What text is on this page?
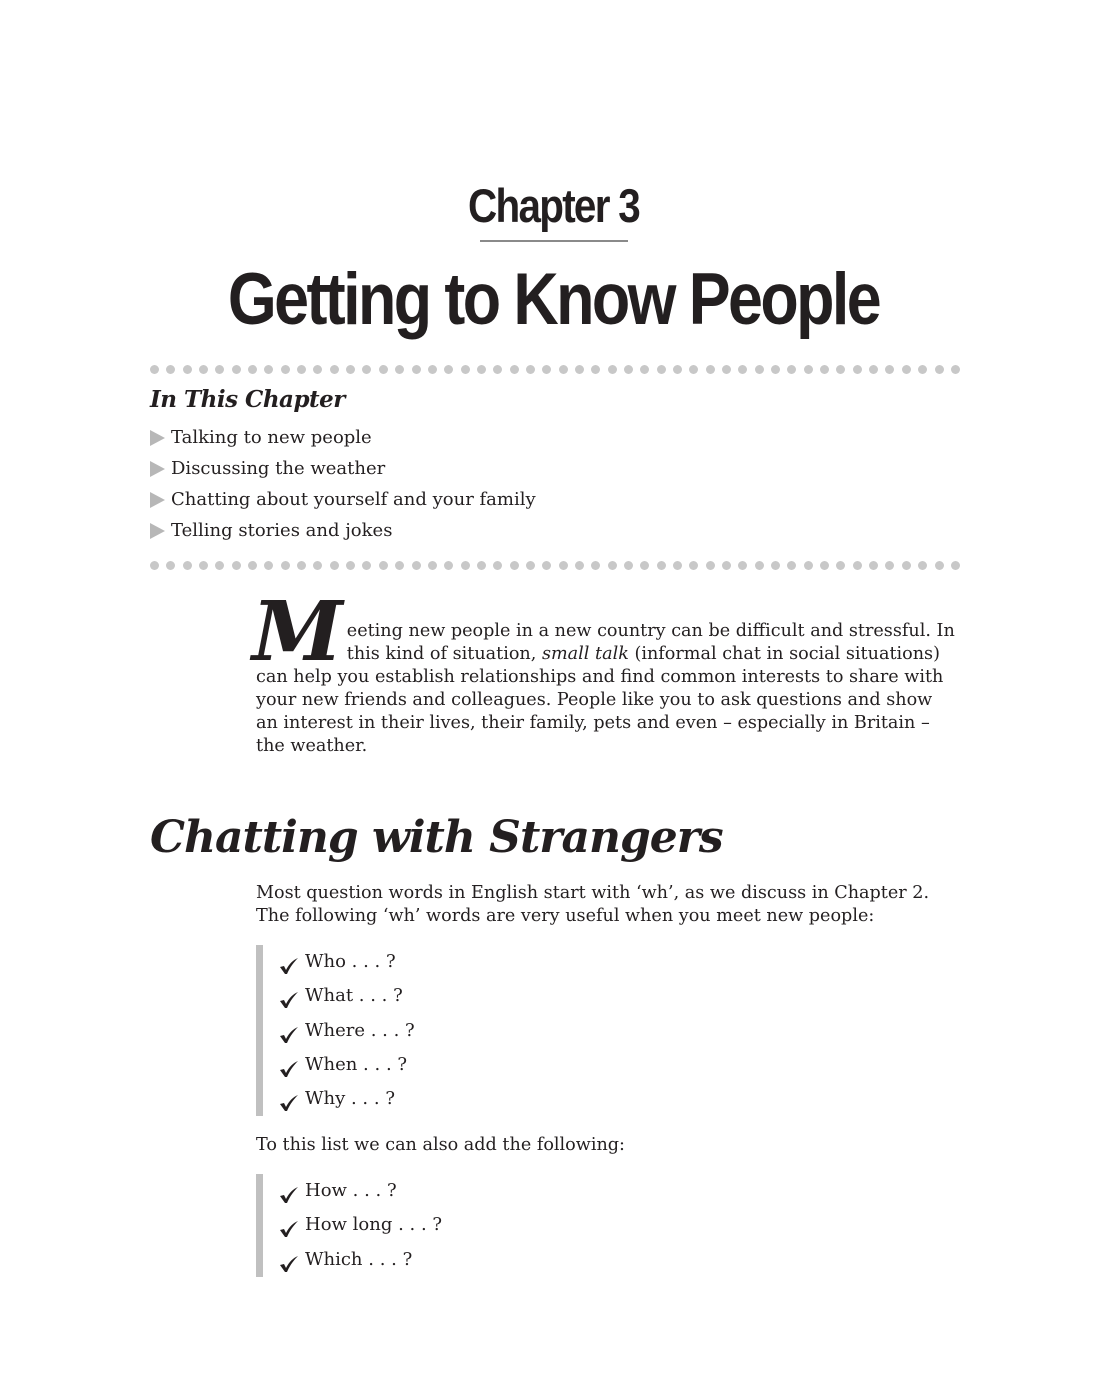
Chapter 3
Getting to Know People
In This Chapter
Talking to new people
Discussing the weather
Chatting about yourself and your family
Telling stories and jokes
M eeting new people in a new country can be difficult and stressful. In this kind of situation, small talk (informal chat in social situations) can help you establish relationships and find common interests to share with your new friends and colleagues. People like you to ask questions and show an interest in their lives, their family, pets and even – especially in Britain – the weather.

Chatting with Strangers

Most question words in English start with ‘wh’, as we discuss in Chapter 2. The following ‘wh’ words are very useful when you meet new people:

Who . . . ?
What . . . ?
Where . . . ?
When . . . ?
Why . . . ?

To this list we can also add the following:

How . . . ?
How long . . . ?
Which . . . ?
